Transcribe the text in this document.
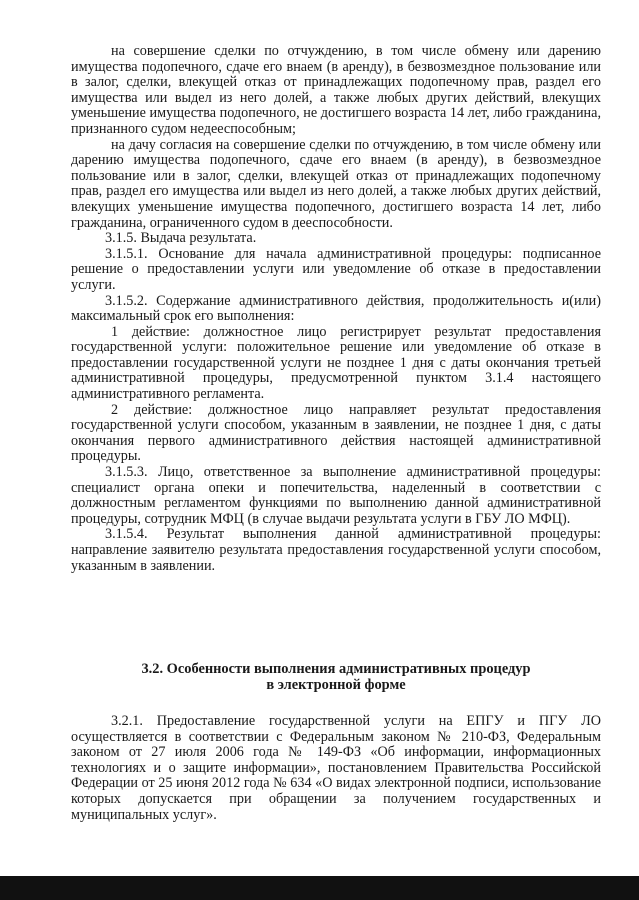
на совершение сделки по отчуждению, в том числе обмену или дарению имущества подопечного, сдаче его внаем (в аренду), в безвозмездное пользование или в залог, сделки, влекущей отказ от принадлежащих подопечному прав, раздел его имущества или выдел из него долей, а также любых других действий, влекущих уменьшение имущества подопечного, не достигшего возраста 14 лет, либо гражданина, признанного судом недееспособным;

на дачу согласия на совершение сделки по отчуждению, в том числе обмену или дарению имущества подопечного, сдаче его внаем (в аренду), в безвозмездное пользование или в залог, сделки, влекущей отказ от принадлежащих подопечному прав, раздел его имущества или выдел из него долей, а также любых других действий, влекущих уменьшение имущества подопечного, достигшего возраста 14 лет, либо гражданина, ограниченного судом в дееспособности.

3.1.5. Выдача результата.

3.1.5.1. Основание для начала административной процедуры: подписанное решение о предоставлении услуги или уведомление об отказе в предоставлении услуги.

3.1.5.2. Содержание административного действия, продолжительность и(или) максимальный срок его выполнения:

1 действие: должностное лицо регистрирует результат предоставления государственной услуги: положительное решение или уведомление об отказе в предоставлении государственной услуги не позднее 1 дня с даты окончания третьей административной процедуры, предусмотренной пунктом 3.1.4 настоящего административного регламента.

2 действие: должностное лицо направляет результат предоставления государственной услуги способом, указанным в заявлении, не позднее 1 дня, с даты окончания первого административного действия настоящей административной процедуры.

3.1.5.3. Лицо, ответственное за выполнение административной процедуры: специалист органа опеки и попечительства, наделенный в соответствии с должностным регламентом функциями по выполнению данной административной процедуры, сотрудник МФЦ (в случае выдачи результата услуги в ГБУ ЛО МФЦ).

3.1.5.4. Результат выполнения данной административной процедуры: направление заявителю результата предоставления государственной услуги способом, указанным в заявлении.

3.2. Особенности выполнения административных процедур
в электронной форме

3.2.1. Предоставление государственной услуги на ЕПГУ и ПГУ ЛО осуществляется в соответствии с Федеральным законом № 210-ФЗ, Федеральным законом от 27 июля 2006 года № 149-ФЗ «Об информации, информационных технологиях и о защите информации», постановлением Правительства Российской Федерации от 25 июня 2012 года № 634 «О видах электронной подписи, использование которых допускается при обращении за получением государственных и муниципальных услуг».
